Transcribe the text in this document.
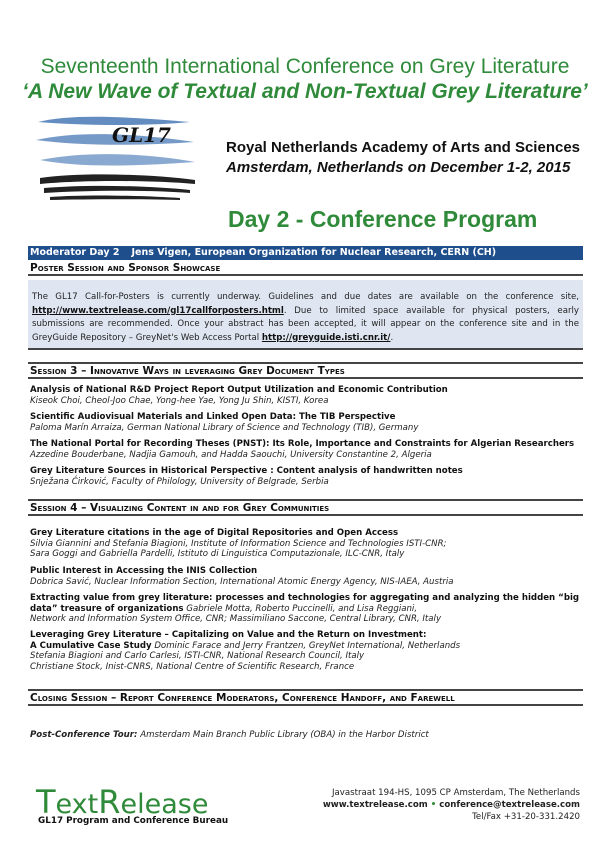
Seventeenth International Conference on Grey Literature
‘A New Wave of Textual and Non-Textual Grey Literature’
GL17
Royal Netherlands Academy of Arts and Sciences
Amsterdam, Netherlands on December 1-2, 2015
Day 2 - Conference Program
Moderator Day 2 Jens Vigen, European Organization for Nuclear Research, CERN (CH)
Poster Session and Sponsor Showcase
The GL17 Call-for-Posters is currently underway. Guidelines and due dates are available on the conference site, http://www.textrelease.com/gl17callforposters.html. Due to limited space available for physical posters, early submissions are recommended. Once your abstract has been accepted, it will appear on the conference site and in the GreyGuide Repository – GreyNet's Web Access Portal http://greyguide.isti.cnr.it/.
Session 3 – Innovative Ways in leveraging Grey Document Types
Analysis of National R&D Project Report Output Utilization and Economic Contribution
Kiseok Choi, Cheol-Joo Chae, Yong-hee Yae, Yong Ju Shin, KISTI, Korea
Scientific Audiovisual Materials and Linked Open Data: The TIB Perspective
Paloma Marín Arraiza, German National Library of Science and Technology (TIB), Germany
The National Portal for Recording Theses (PNST): Its Role, Importance and Constraints for Algerian Researchers Azzedine Bouderbane, Nadjia Gamouh, and Hadda Saouchi, University Constantine 2, Algeria
Grey Literature Sources in Historical Perspective : Content analysis of handwritten notes
Snježana Ćirković, Faculty of Philology, University of Belgrade, Serbia
Session 4 – Visualizing Content in and for Grey Communities
Grey Literature citations in the age of Digital Repositories and Open Access
Silvia Giannini and Stefania Biagioni, Institute of Information Science and Technologies ISTI-CNR;
Sara Goggi and Gabriella Pardelli, Istituto di Linguistica Computazionale, ILC-CNR, Italy
Public Interest in Accessing the INIS Collection
Dobrica Savić, Nuclear Information Section, International Atomic Energy Agency, NIS-IAEA, Austria
Extracting value from grey literature: processes and technologies for aggregating and analyzing the hidden “big data” treasure of organizations Gabriele Motta, Roberto Puccinelli, and Lisa Reggiani,
Network and Information System Office, CNR; Massimiliano Saccone, Central Library, CNR, Italy
Leveraging Grey Literature – Capitalizing on Value and the Return on Investment:
A Cumulative Case Study Dominic Farace and Jerry Frantzen, GreyNet International, Netherlands
Stefania Biagioni and Carlo Carlesi, ISTI-CNR, National Research Council, Italy
Christiane Stock, Inist-CNRS, National Centre of Scientific Research, France
Closing Session – Report Conference Moderators, Conference Handoff, and Farewell
Post-Conference Tour: Amsterdam Main Branch Public Library (OBA) in the Harbor District
TextRelease
GL17 Program and Conference Bureau
Javastraat 194-HS, 1095 CP Amsterdam, The Netherlands
www.textrelease.com • conference@textrelease.com
Tel/Fax +31-20-331.2420
